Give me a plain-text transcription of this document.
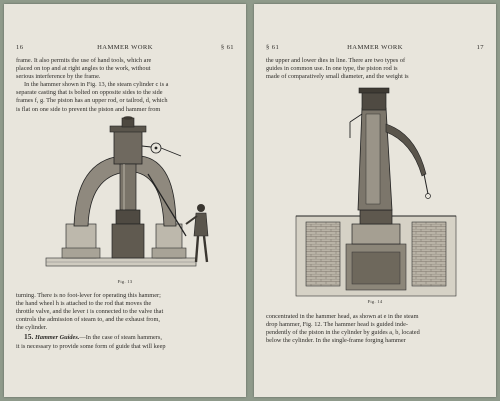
16	HAMMER WORK	§ 61

frame. It also permits the use of hand tools, which are

placed on top and at right angles to the work, without

serious interference by the frame.

In the hammer shown in Fig. 13, the steam cylinder c is a

separate casting that is bolted on opposite sides to the side

frames f, g. The piston has an upper rod, or tailrod, d, which

is flat on one side to prevent the piston and hammer from

Fig. 13

turning. There is no foot-lever for operating this hammer;

the hand wheel h is attached to the rod that moves the

throttle valve, and the lever i is connected to the valve that

controls the admission of steam to, and the exhaust from,

the cylinder.

15. Hammer Guides.—In the case of steam hammers,

it is necessary to provide some form of guide that will keep

§ 61	HAMMER WORK	17

the upper and lower dies in line. There are two types of

guides in common use. In one type, the piston rod is

made of comparatively small diameter, and the weight is

Fig. 14

concentrated in the hammer head, as shown at e in the steam

drop hammer, Fig. 12. The hammer head is guided inde-

pendently of the piston in the cylinder by guides a, b, located

below the cylinder. In the single-frame forging hammer
